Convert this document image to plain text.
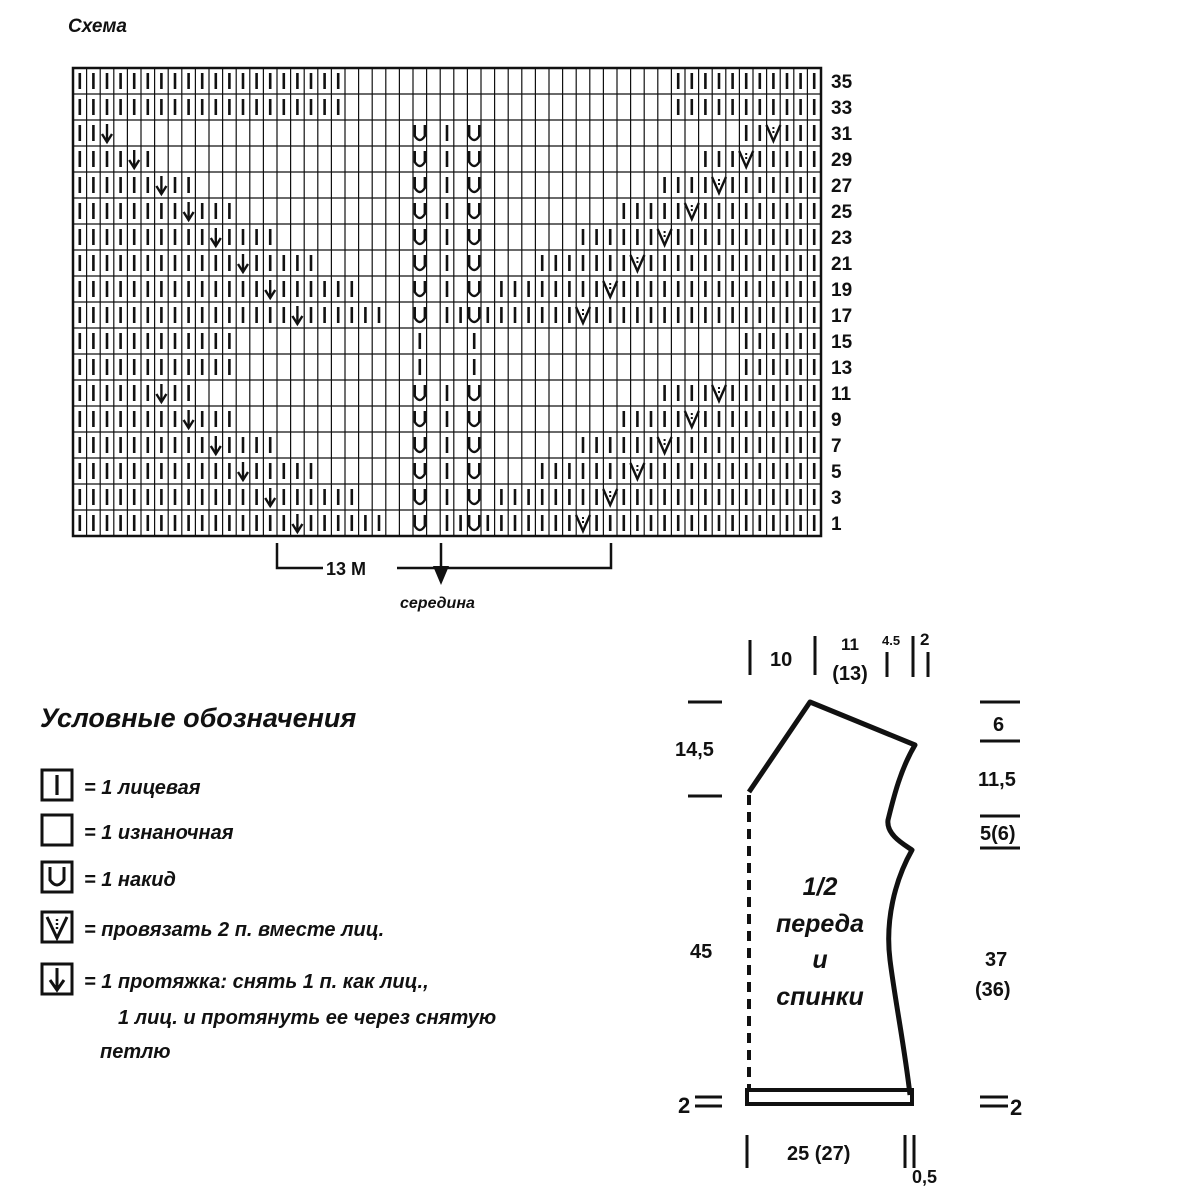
Схема
35
33
31
29
27
25
23
21
19
17
15
13
11
9
7
5
3
1
13 М
середина
Условные обозначения
= 1 лицевая
= 1 изнаночная
= 1 накид
= провязать 2 п. вместе лиц.
= 1 протяжка: снять 1 п. как лиц.,
1 лиц. и протянуть ее через снятую
петлю
1/2
переда
и
спинки
10
11
(13)
4.5 2
14,5
45
2
6
11,5
5(6)
37
(36)
2
25 (27)
0,5
